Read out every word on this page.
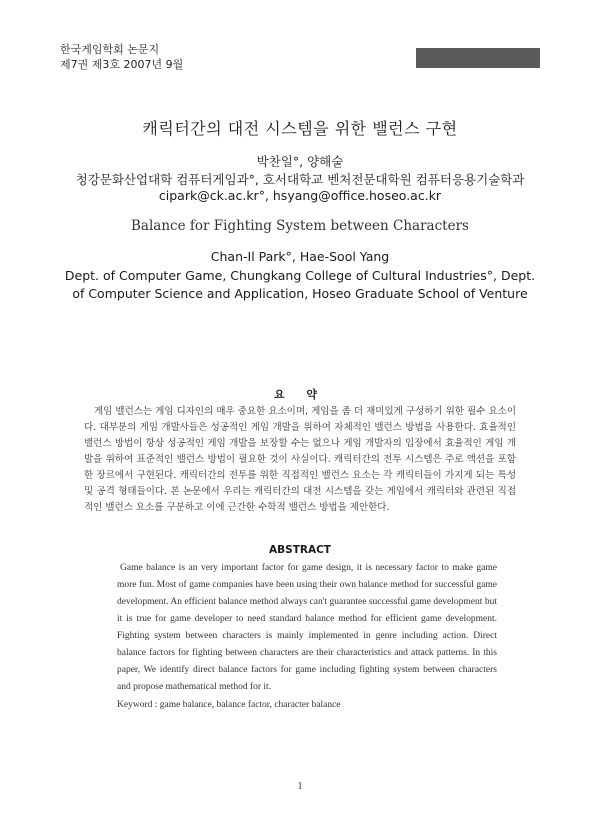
한국게임학회 논문지
제7권 제3호 2007년 9월
캐릭터간의 대전 시스템을 위한 밸런스 구현
박찬일°, 양해술
청강문화산업대학 컴퓨터게임과°, 호서대학교 벤처전문대학원 컴퓨터응용기술학과
cipark@ck.ac.kr°, hsyang@office.hoseo.ac.kr
Balance for Fighting System between Characters
Chan-Il Park°, Hae-Sool Yang
Dept. of Computer Game, Chungkang College of Cultural Industries°, Dept. of Computer Science and Application, Hoseo Graduate School of Venture
요 약
게임 밸런스는 게임 디자인의 매우 중요한 요소이며, 게임을 좀 더 재미있게 구성하기 위한 필수 요소이다. 대부분의 게임 개발사들은 성공적인 게임 개발을 위하여 자체적인 밸런스 방법을 사용한다. 효율적인 밸런스 방법이 항상 성공적인 게임 개발을 보장할 수는 없으나 게임 개발자의 입장에서 효율적인 게임 개발을 위하여 표준적인 밸런스 방법이 필요한 것이 사실이다. 캐릭터간의 전투 시스템은 주로 액션을 포함한 장르에서 구현된다. 캐릭터간의 전투를 위한 직접적인 밸런스 요소는 각 캐릭터들이 가지게 되는 특성 및 공격 형태들이다. 본 논문에서 우리는 캐릭터간의 대전 시스템을 갖는 게임에서 캐릭터와 관련된 직접적인 밸런스 요소를 구분하고 이에 근간한 수학적 밸런스 방법을 제안한다.
ABSTRACT
Game balance is an very important factor for game design, it is necessary factor to make game more fun. Most of game companies have been using their own balance method for successful game development. An efficient balance method always can't guarantee successful game development but it is true for game developer to need standard balance method for efficient game development. Fighting system between characters is mainly implemented in genre including action. Direct balance factors for fighting between characters are their characteristics and attack patterns. In this paper, We identify direct balance factors for game including fighting system between characters and propose mathematical method for it.
Keyword : game balance, balance factor, character balance
1
